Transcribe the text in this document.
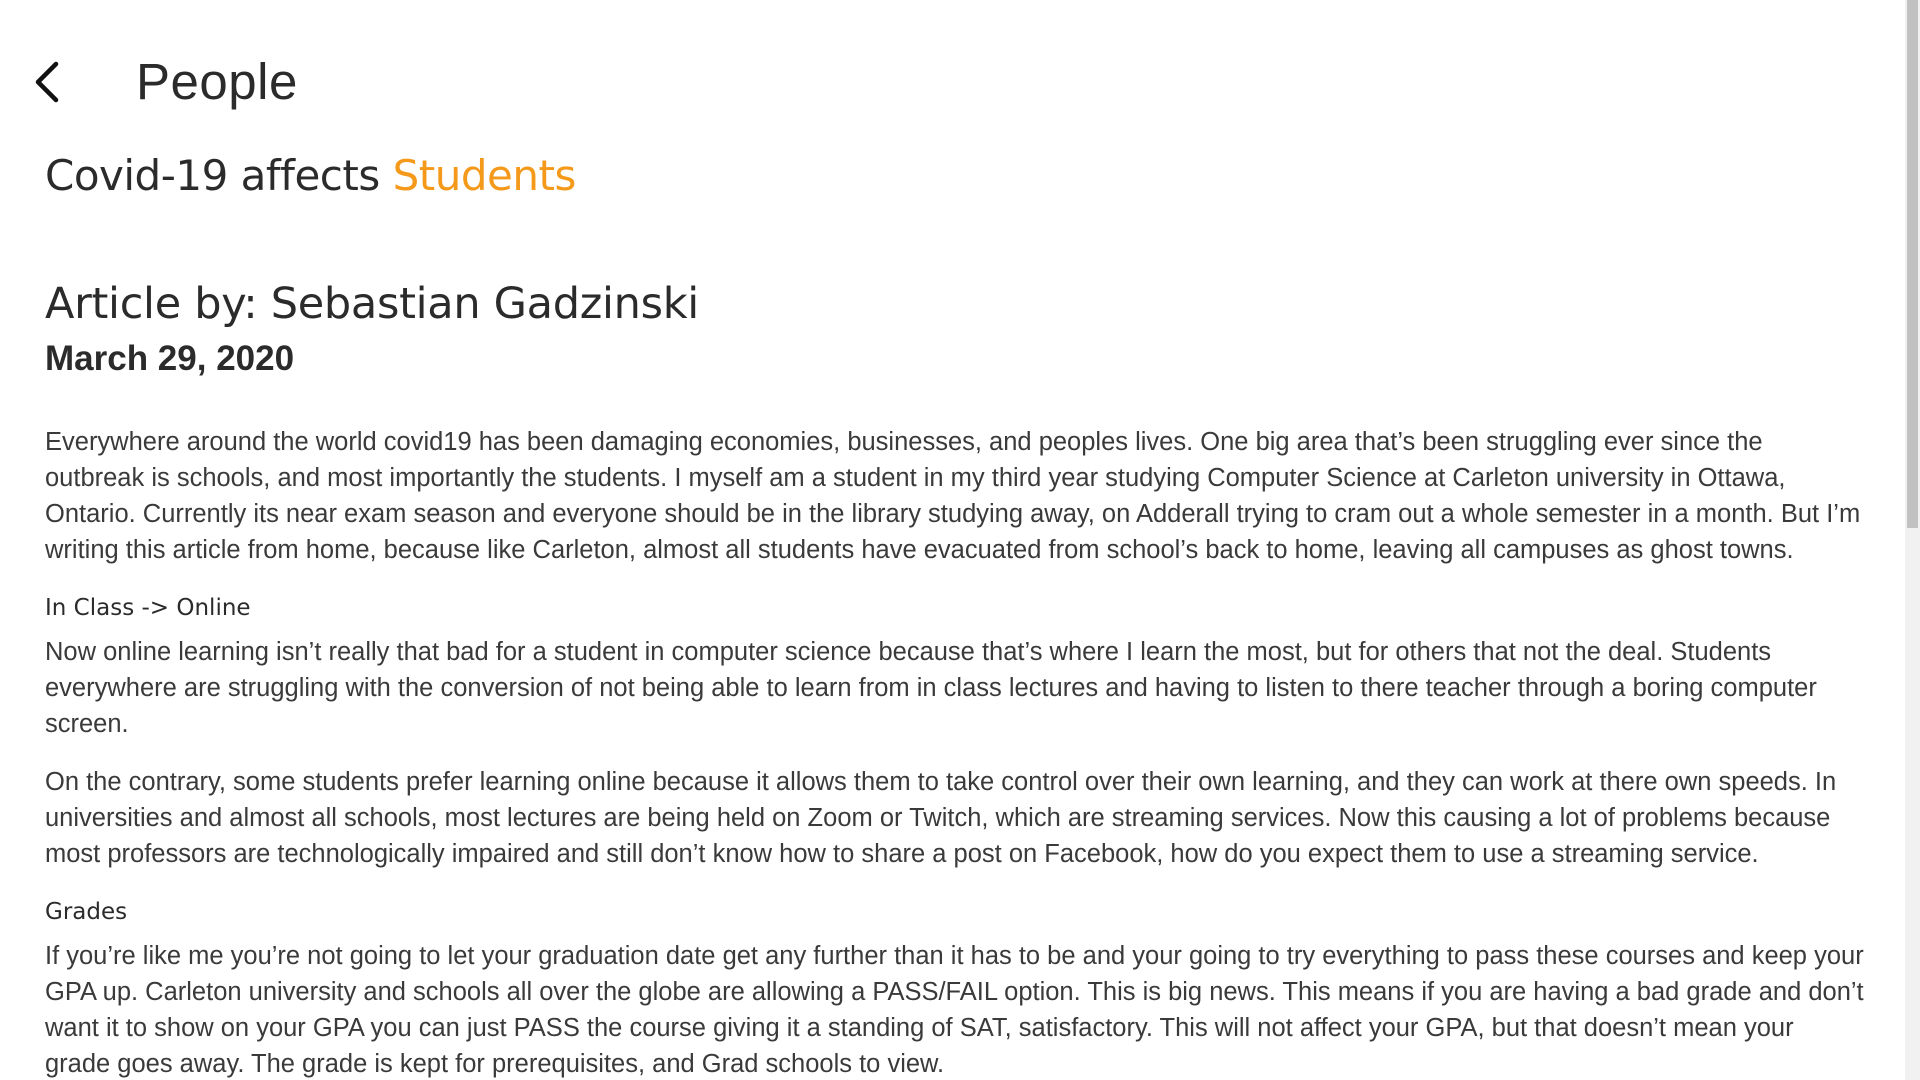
People
Covid-19 affects Students
Article by: Sebastian Gadzinski
March 29, 2020

Everywhere around the world covid19 has been damaging economies, businesses, and peoples lives. One big area that’s been struggling ever since the outbreak is schools, and most importantly the students. I myself am a student in my third year studying Computer Science at Carleton university in Ottawa, Ontario. Currently its near exam season and everyone should be in the library studying away, on Adderall trying to cram out a whole semester in a month. But I’m writing this article from home, because like Carleton, almost all students have evacuated from school’s back to home, leaving all campuses as ghost towns.

In Class -> Online

Now online learning isn’t really that bad for a student in computer science because that’s where I learn the most, but for others that not the deal. Students everywhere are struggling with the conversion of not being able to learn from in class lectures and having to listen to there teacher through a boring computer screen.

On the contrary, some students prefer learning online because it allows them to take control over their own learning, and they can work at there own speeds. In universities and almost all schools, most lectures are being held on Zoom or Twitch, which are streaming services. Now this causing a lot of problems because most professors are technologically impaired and still don’t know how to share a post on Facebook, how do you expect them to use a streaming service.

Grades

If you’re like me you’re not going to let your graduation date get any further than it has to be and your going to try everything to pass these courses and keep your GPA up. Carleton university and schools all over the globe are allowing a PASS/FAIL option. This is big news. This means if you are having a bad grade and don’t want it to show on your GPA you can just PASS the course giving it a standing of SAT, satisfactory. This will not affect your GPA, but that doesn’t mean your grade goes away. The grade is kept for prerequisites, and Grad schools to view.
